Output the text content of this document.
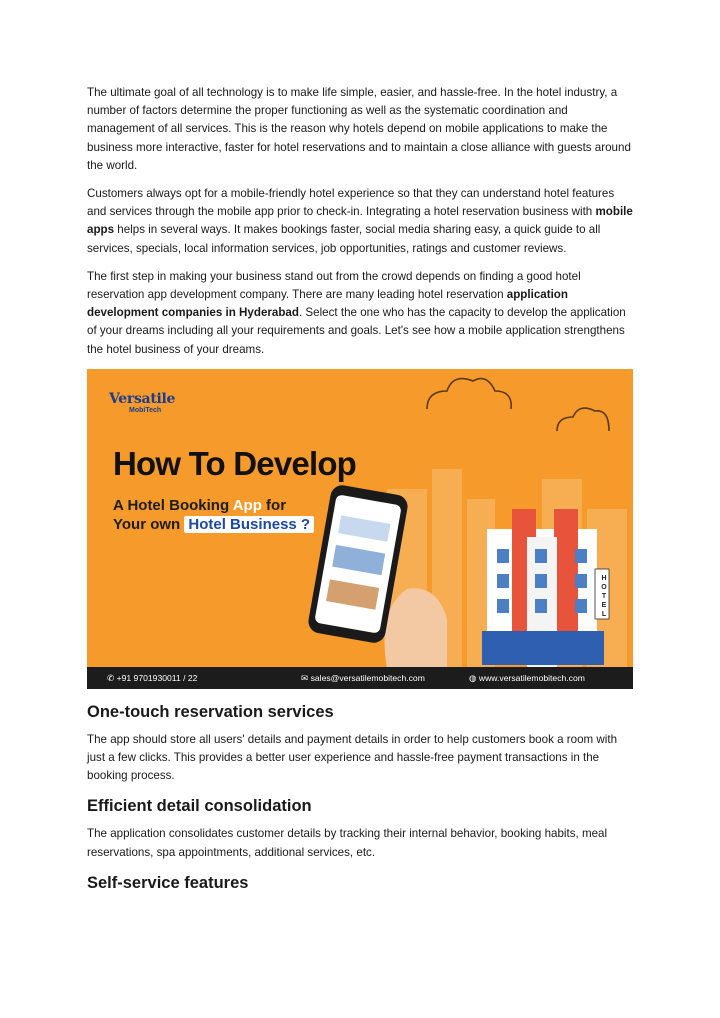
The ultimate goal of all technology is to make life simple, easier, and hassle-free. In the hotel industry, a number of factors determine the proper functioning as well as the systematic coordination and management of all services. This is the reason why hotels depend on mobile applications to make the business more interactive, faster for hotel reservations and to maintain a close alliance with guests around the world.

Customers always opt for a mobile-friendly hotel experience so that they can understand hotel features and services through the mobile app prior to check-in. Integrating a hotel reservation business with mobile apps helps in several ways. It makes bookings faster, social media sharing easy, a quick guide to all services, specials, local information services, job opportunities, ratings and customer reviews.

The first step in making your business stand out from the crowd depends on finding a good hotel reservation app development company. There are many leading hotel reservation application development companies in Hyderabad. Select the one who has the capacity to develop the application of your dreams including all your requirements and goals. Let's see how a mobile application strengthens the hotel business of your dreams.

Versatile
MobiTech
How To Develop
A Hotel Booking App for
Your own Hotel Business ?
H
O
T
E
L
✆ +91 9701930011 / 22	✉ sales@versatilemobitech.com	◍ www.versatilemobitech.com
One-touch reservation services

The app should store all users' details and payment details in order to help customers book a room with just a few clicks. This provides a better user experience and hassle-free payment transactions in the booking process.

Efficient detail consolidation

The application consolidates customer details by tracking their internal behavior, booking habits, meal reservations, spa appointments, additional services, etc.

Self-service features
